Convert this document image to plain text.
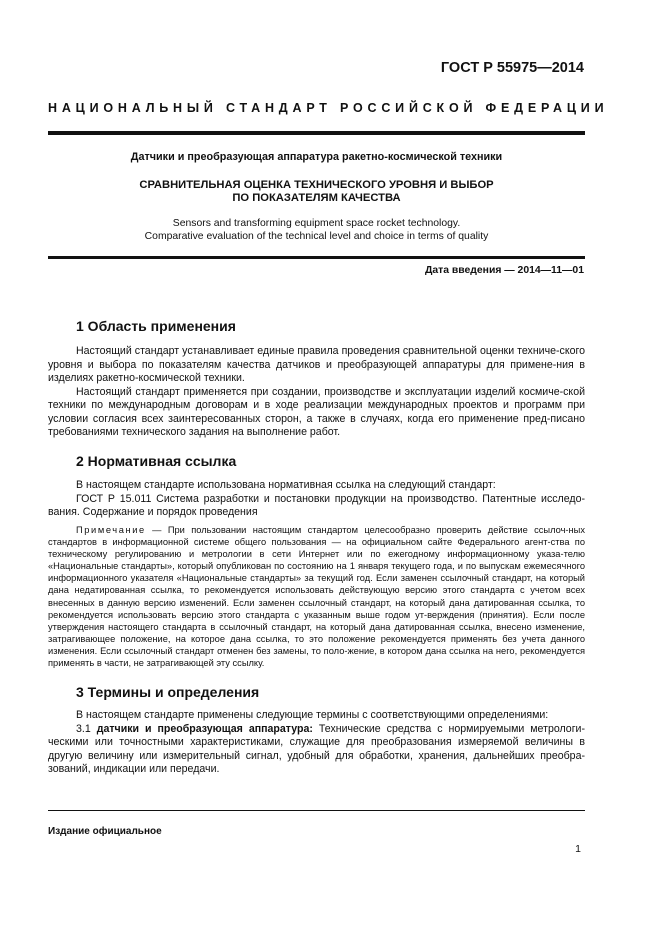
ГОСТ Р 55975—2014
НАЦИОНАЛЬНЫЙ СТАНДАРТ РОССИЙСКОЙ ФЕДЕРАЦИИ
Датчики и преобразующая аппаратура ракетно-космической техники
СРАВНИТЕЛЬНАЯ ОЦЕНКА ТЕХНИЧЕСКОГО УРОВНЯ И ВЫБОР
ПО ПОКАЗАТЕЛЯМ КАЧЕСТВА
Sensors and transforming equipment space rocket technology.
Comparative evaluation of the technical level and choice in terms of quality
Дата введения — 2014—11—01
1 Область применения

Настоящий стандарт устанавливает единые правила проведения сравнительной оценки техниче-ского уровня и выбора по показателям качества датчиков и преобразующей аппаратуры для примене-ния в изделиях ракетно-космической техники.

Настоящий стандарт применяется при создании, производстве и эксплуатации изделий космиче-ской техники по международным договорам и в ходе реализации международных проектов и программ при условии согласия всех заинтересованных сторон, а также в случаях, когда его применение пред-писано требованиями технического задания на выполнение работ.

2 Нормативная ссылка

В настоящем стандарте использована нормативная ссылка на следующий стандарт:

ГОСТ Р 15.011 Система разработки и постановки продукции на производство. Патентные исследо-вания. Содержание и порядок проведения

Примечание — При пользовании настоящим стандартом целесообразно проверить действие ссылоч-ных стандартов в информационной системе общего пользования — на официальном сайте Федерального агент-ства по техническому регулированию и метрологии в сети Интернет или по ежегодному информационному указа-телю «Национальные стандарты», который опубликован по состоянию на 1 января текущего года, и по выпускам ежемесячного информационного указателя «Национальные стандарты» за текущий год. Если заменен ссылочный стандарт, на который дана недатированная ссылка, то рекомендуется использовать действующую версию этого стандарта с учетом всех внесенных в данную версию изменений. Если заменен ссылочный стандарт, на который дана датированная ссылка, то рекомендуется использовать версию этого стандарта с указанным выше годом ут-верждения (принятия). Если после утверждения настоящего стандарта в ссылочный стандарт, на который дана датированная ссылка, внесено изменение, затрагивающее положение, на которое дана ссылка, то это положение рекомендуется применять без учета данного изменения. Если ссылочный стандарт отменен без замены, то поло-жение, в котором дана ссылка на него, рекомендуется применять в части, не затрагивающей эту ссылку.

3 Термины и определения

В настоящем стандарте применены следующие термины с соответствующими определениями:

3.1 датчики и преобразующая аппаратура: Технические средства с нормируемыми метрологи-ческими или точностными характеристиками, служащие для преобразования измеряемой величины в другую величину или измерительный сигнал, удобный для обработки, хранения, дальнейших преобра-зований, индикации или передачи.

Издание официальное
1
